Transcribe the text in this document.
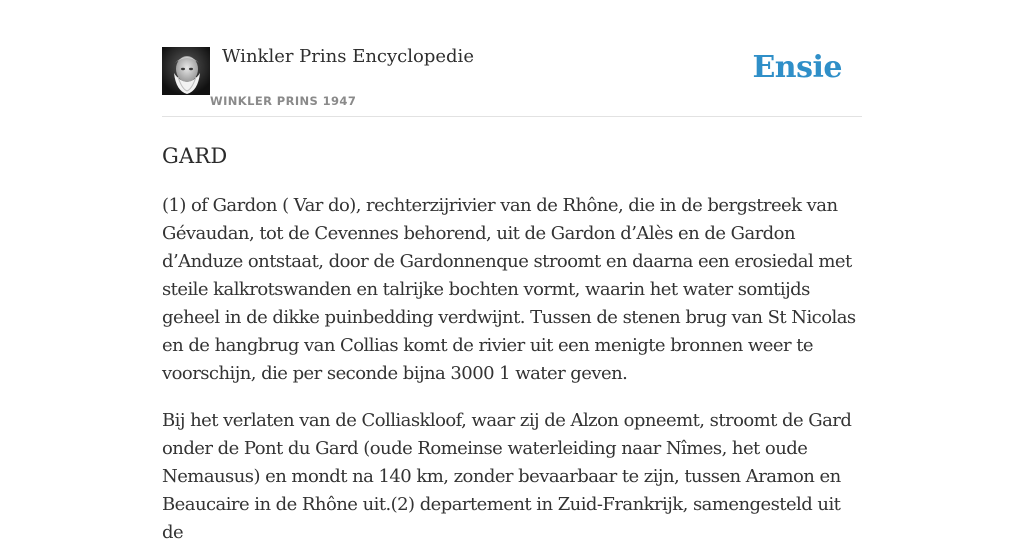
Winkler Prins Encyclopedie
WINKLER PRINS 1947
Ensie
GARD

(1) of Gardon ( Var do), rechterzijrivier van de Rhône, die in de bergstreek van Gévaudan, tot de Cevennes behorend, uit de Gardon d’Alès en de Gardon d’Anduze ontstaat, door de Gardonnenque stroomt en daarna een erosiedal met steile kalkrotswanden en talrijke bochten vormt, waarin het water somtijds geheel in de dikke puinbedding verdwijnt. Tussen de stenen brug van St Nicolas en de hangbrug van Collias komt de rivier uit een menigte bronnen weer te voorschijn, die per seconde bijna 3000 1 water geven.

Bij het verlaten van de Colliaskloof, waar zij de Alzon opneemt, stroomt de Gard onder de Pont du Gard (oude Romeinse waterleiding naar Nîmes, het oude Nemausus) en mondt na 140 km, zonder bevaarbaar te zijn, tussen Aramon en Beaucaire in de Rhône uit.(2) departement in Zuid-Frankrijk, samengesteld uit de
